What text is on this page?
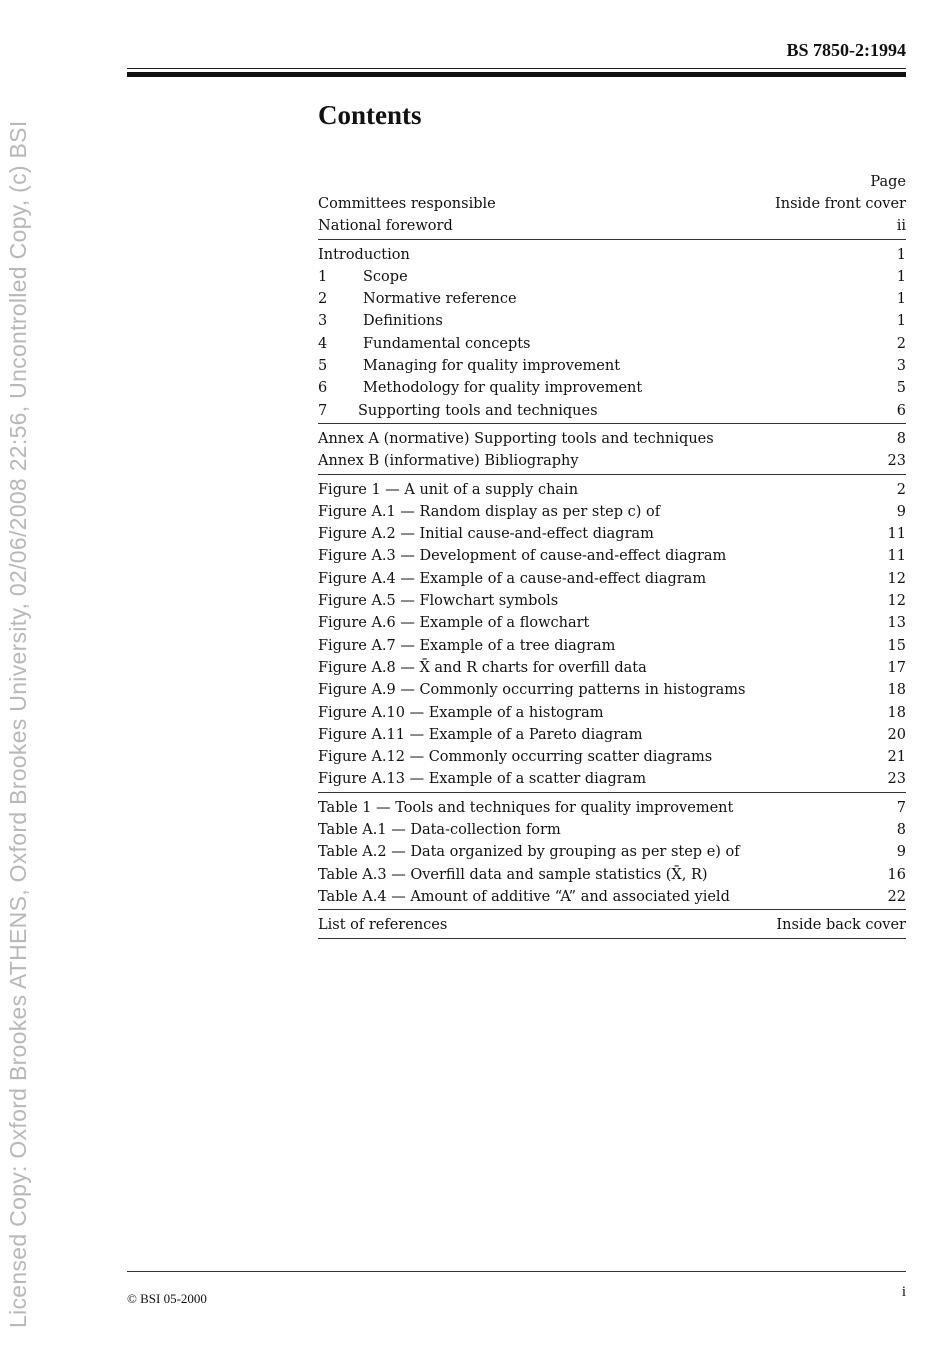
Licensed Copy: Oxford Brookes ATHENS, Oxford Brookes University, 02/06/2008 22:56, Uncontrolled Copy, (c) BSI
BS 7850-2:1994
Contents
Page
Committees responsible	Inside front cover
National foreword	ii
Introduction	1
1	Scope	1
2	Normative reference	1
3	Definitions	1
4	Fundamental concepts	2
5	Managing for quality improvement	3
6	Methodology for quality improvement	5
7	Supporting tools and techniques	6
Annex A (normative) Supporting tools and techniques	8
Annex B (informative) Bibliography	23
Figure 1 — A unit of a supply chain	2
Figure A.1 — Random display as per step c) of	9
Figure A.2 — Initial cause-and-effect diagram	11
Figure A.3 — Development of cause-and-effect diagram	11
Figure A.4 — Example of a cause-and-effect diagram	12
Figure A.5 — Flowchart symbols	12
Figure A.6 — Example of a flowchart	13
Figure A.7 — Example of a tree diagram	15
Figure A.8 — X̄ and R charts for overfill data	17
Figure A.9 — Commonly occurring patterns in histograms	18
Figure A.10 — Example of a histogram	18
Figure A.11 — Example of a Pareto diagram	20
Figure A.12 — Commonly occurring scatter diagrams	21
Figure A.13 — Example of a scatter diagram	23
Table 1 — Tools and techniques for quality improvement	7
Table A.1 — Data-collection form	8
Table A.2 — Data organized by grouping as per step e) of	9
Table A.3 — Overfill data and sample statistics (X̄, R)	16
Table A.4 — Amount of additive “A” and associated yield	22
List of references	Inside back cover
© BSI 05-2000	i
